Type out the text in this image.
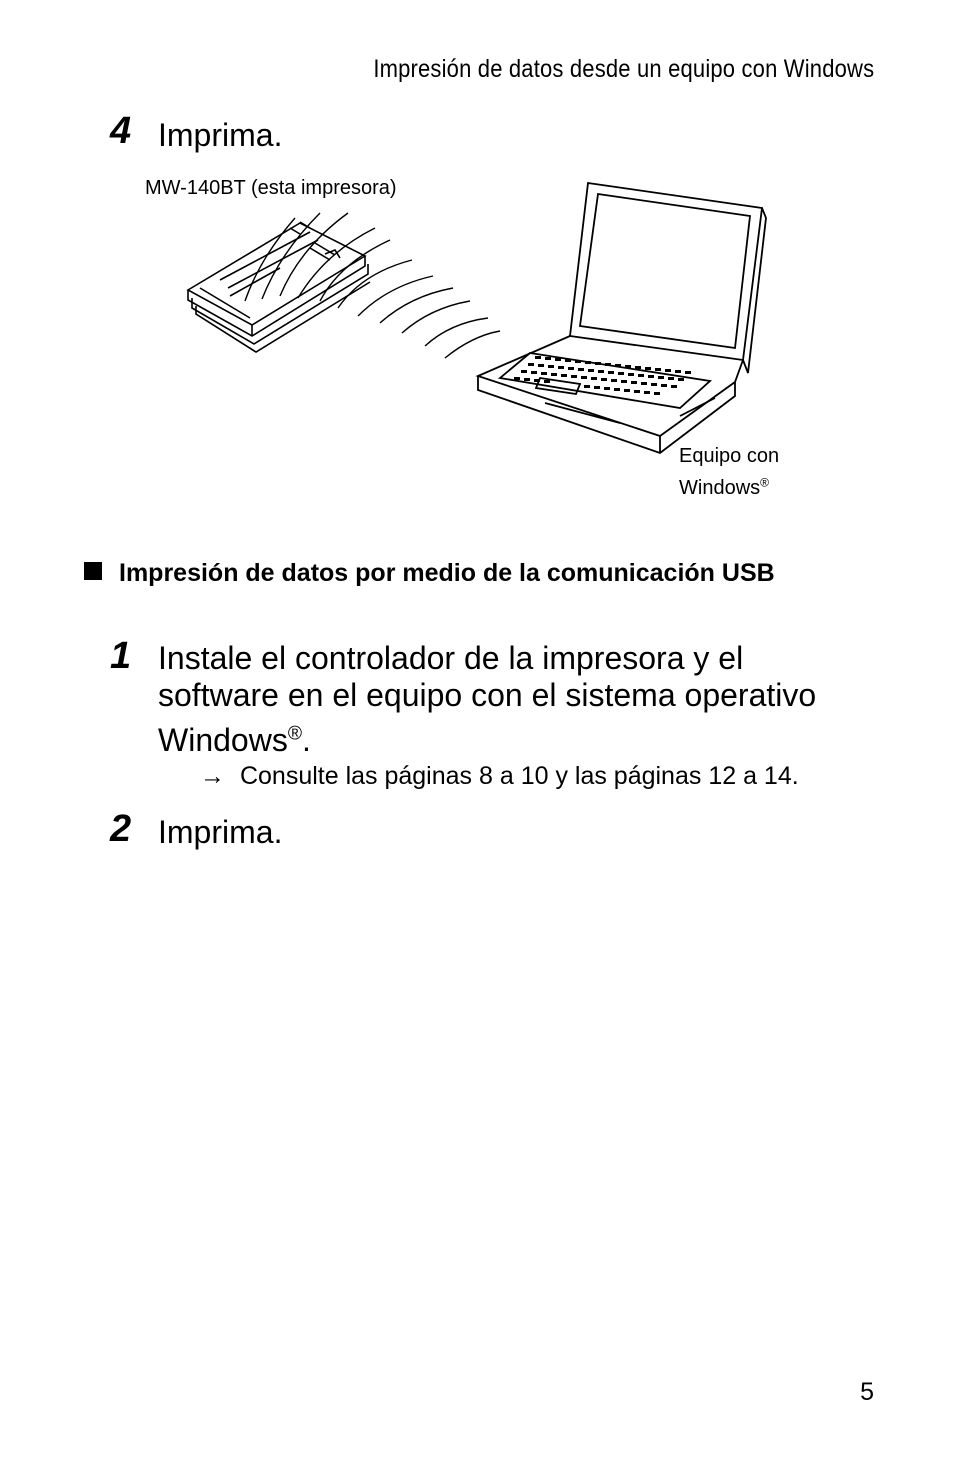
Impresión de datos desde un equipo con Windows
4 Imprima.
MW-140BT (esta impresora)
Equipo con
Windows®
Impresión de datos por medio de la comunicación USB
1 Instale el controlador de la impresora y el
software en el equipo con el sistema operativo
Windows®.
→ Consulte las páginas 8 a 10 y las páginas 12 a 14.
2 Imprima.
5
